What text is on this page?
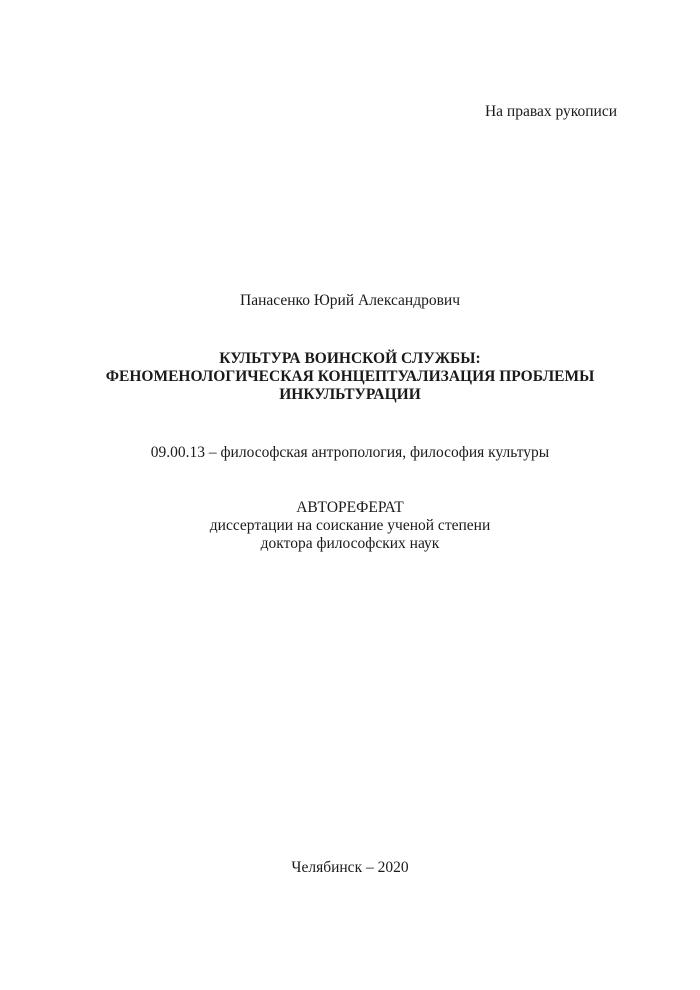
На правах рукописи
Панасенко Юрий Александрович
КУЛЬТУРА ВОИНСКОЙ СЛУЖБЫ:
ФЕНОМЕНОЛОГИЧЕСКАЯ КОНЦЕПТУАЛИЗАЦИЯ ПРОБЛЕМЫ
ИНКУЛЬТУРАЦИИ
09.00.13 – философская антропология, философия культуры
АВТОРЕФЕРАТ
диссертации на соискание ученой степени
доктора философских наук
Челябинск – 2020
